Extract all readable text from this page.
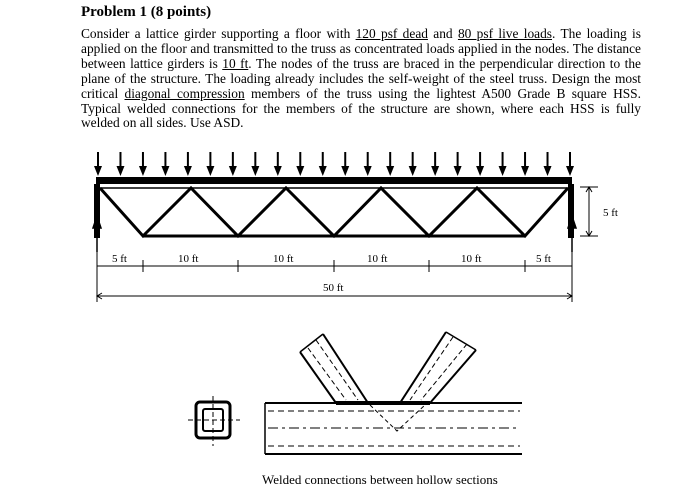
Problem 1 (8 points)
Consider a lattice girder supporting a floor with 120 psf dead and 80 psf live loads. The loading is applied on the floor and transmitted to the truss as concentrated loads applied in the nodes. The distance between lattice girders is 10 ft. The nodes of the truss are braced in the perpendicular direction to the plane of the structure. The loading already includes the self-weight of the steel truss. Design the most critical diagonal compression members of the truss using the lightest A500 Grade B square HSS. Typical welded connections for the members of the structure are shown, where each HSS is fully welded on all sides. Use ASD.
5 ft
5 ft	10 ft	10 ft	10 ft	10 ft	5 ft
50 ft
Welded connections between hollow sections
